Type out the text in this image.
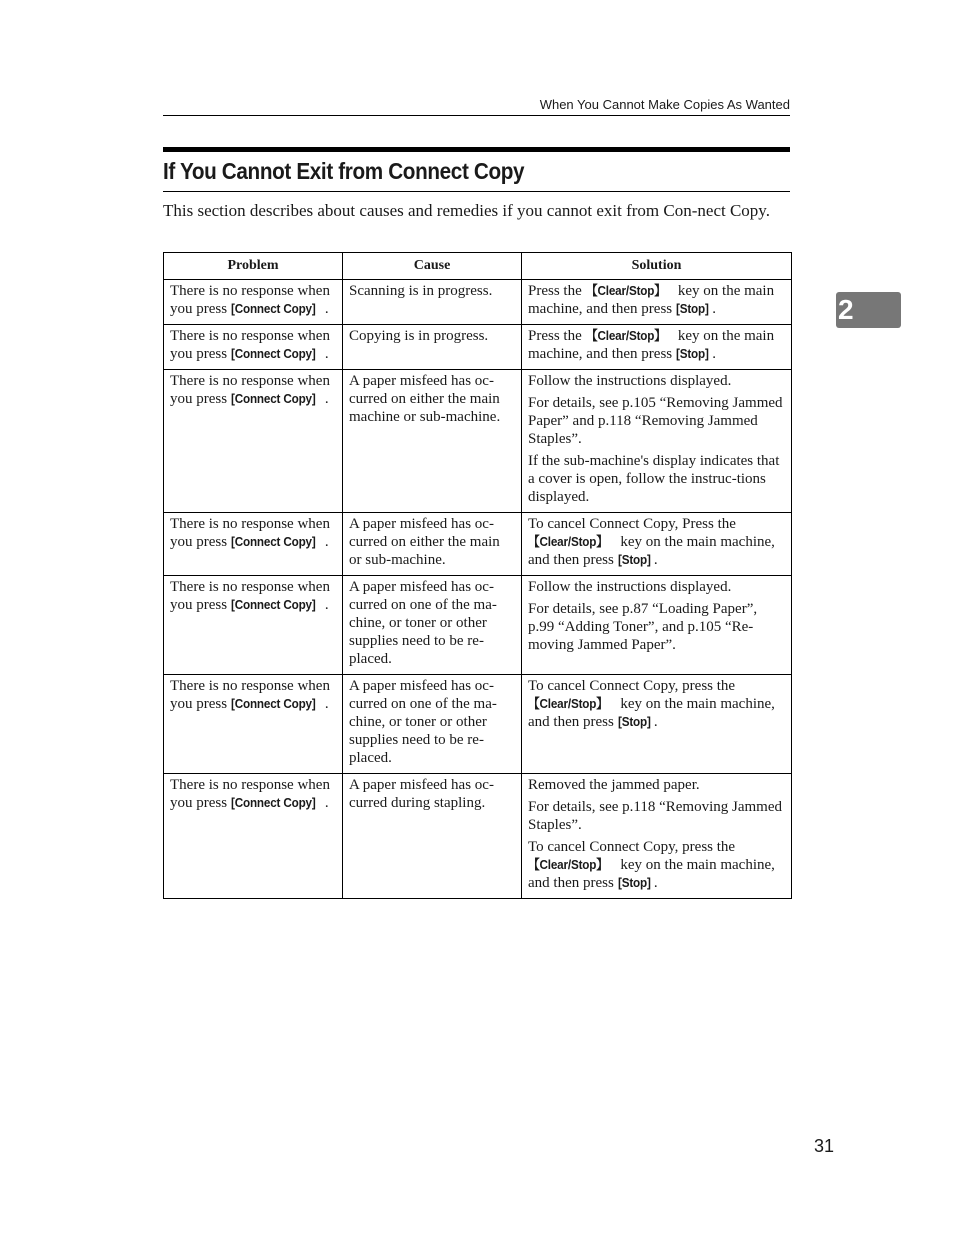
When You Cannot Make Copies As Wanted
If You Cannot Exit from Connect Copy

This section describes about causes and remedies if you cannot exit from Con-nect Copy.

2
Problem	Cause	Solution
There is no response when you press [Connect Copy] .	Scanning is in progress.	Press the 【Clear/Stop】 key on the main machine, and then press [Stop] .

There is no response when you press [Connect Copy] .	Copying is in progress.	Press the 【Clear/Stop】 key on the main machine, and then press [Stop] .

There is no response when you press [Connect Copy] .	A paper misfeed has oc-curred on either the main machine or sub-machine.	Follow the instructions displayed.

For details, see p.105 “Removing Jammed Paper” and p.118 “Removing Jammed Staples”.

If the sub-machine's display indicates that a cover is open, follow the instruc-tions displayed.

There is no response when you press [Connect Copy] .	A paper misfeed has oc-curred on either the main or sub-machine.	To cancel Connect Copy, Press the 【Clear/Stop】 key on the main machine, and then press [Stop] .

There is no response when you press [Connect Copy] .	A paper misfeed has oc-curred on one of the ma-chine, or toner or other supplies need to be re-placed.	Follow the instructions displayed.

For details, see p.87 “Loading Paper”, p.99 “Adding Toner”, and p.105 “Re-moving Jammed Paper”.

There is no response when you press [Connect Copy] .	A paper misfeed has oc-curred on one of the ma-chine, or toner or other supplies need to be re-placed.	To cancel Connect Copy, press the 【Clear/Stop】 key on the main machine, and then press [Stop] .

There is no response when you press [Connect Copy] .	A paper misfeed has oc-curred during stapling.	Removed the jammed paper.

For details, see p.118 “Removing Jammed Staples”.

To cancel Connect Copy, press the 【Clear/Stop】 key on the main machine, and then press [Stop] .

31
